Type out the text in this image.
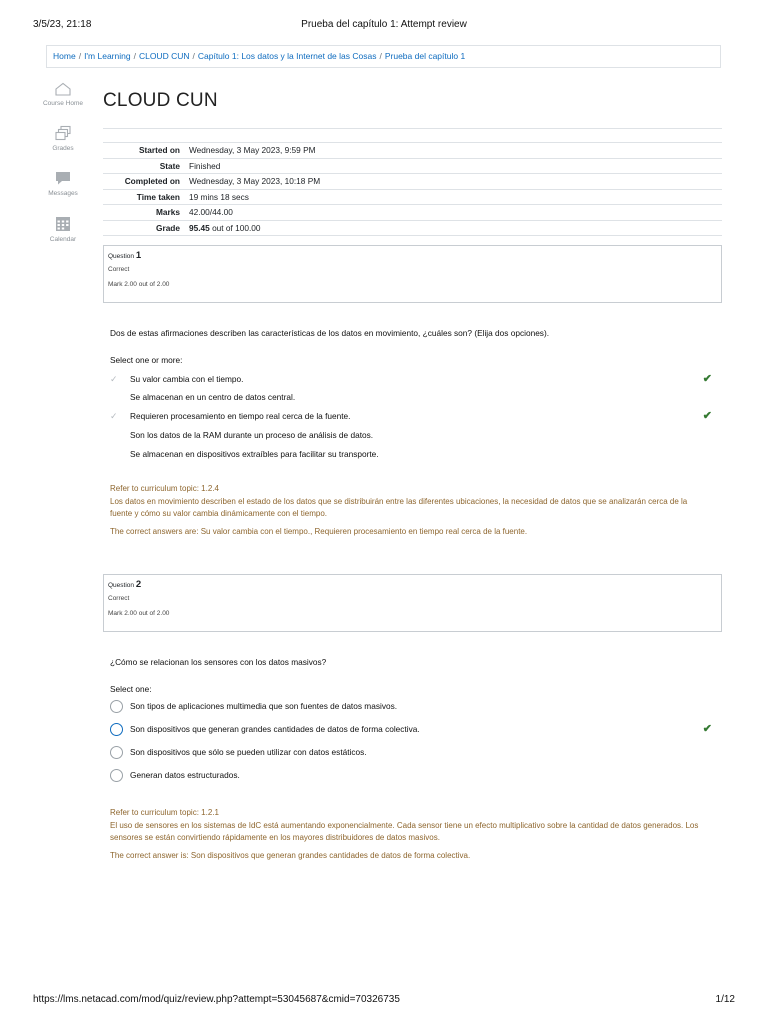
3/5/23, 21:18	Prueba del capítulo 1: Attempt review
Home / I'm Learning / CLOUD CUN / Capítulo 1: Los datos y la Internet de las Cosas / Prueba del capítulo 1
Course Home
Grades
Messages
Calendar
CLOUD CUN
Started on	Wednesday, 3 May 2023, 9:59 PM
State	Finished
Completed on	Wednesday, 3 May 2023, 10:18 PM
Time taken	19 mins 18 secs
Marks	42.00/44.00
Grade	95.45 out of 100.00
Question 1
Correct
Mark 2.00 out of 2.00
Dos de estas afirmaciones describen las características de los datos en movimiento, ¿cuáles son? (Elija dos opciones).
Select one or more:
✓	Su valor cambia con el tiempo.	✔
Se almacenan en un centro de datos central.
✓	Requieren procesamiento en tiempo real cerca de la fuente.	✔
Son los datos de la RAM durante un proceso de análisis de datos.
Se almacenan en dispositivos extraíbles para facilitar su transporte.
Refer to curriculum topic: 1.2.4
Los datos en movimiento describen el estado de los datos que se distribuirán entre las diferentes ubicaciones, la necesidad de datos que se analizarán cerca de la fuente y cómo su valor cambia dinámicamente con el tiempo.
The correct answers are: Su valor cambia con el tiempo., Requieren procesamiento en tiempo real cerca de la fuente.
Question 2
Correct
Mark 2.00 out of 2.00
¿Cómo se relacionan los sensores con los datos masivos?
Select one:
Son tipos de aplicaciones multimedia que son fuentes de datos masivos.
Son dispositivos que generan grandes cantidades de datos de forma colectiva.	✔
Son dispositivos que sólo se pueden utilizar con datos estáticos.
Generan datos estructurados.
Refer to curriculum topic: 1.2.1
El uso de sensores en los sistemas de IdC está aumentando exponencialmente. Cada sensor tiene un efecto multiplicativo sobre la cantidad de datos generados. Los sensores se están convirtiendo rápidamente en los mayores distribuidores de datos masivos.
The correct answer is: Son dispositivos que generan grandes cantidades de datos de forma colectiva.
https://lms.netacad.com/mod/quiz/review.php?attempt=53045687&cmid=70326735	1/12
